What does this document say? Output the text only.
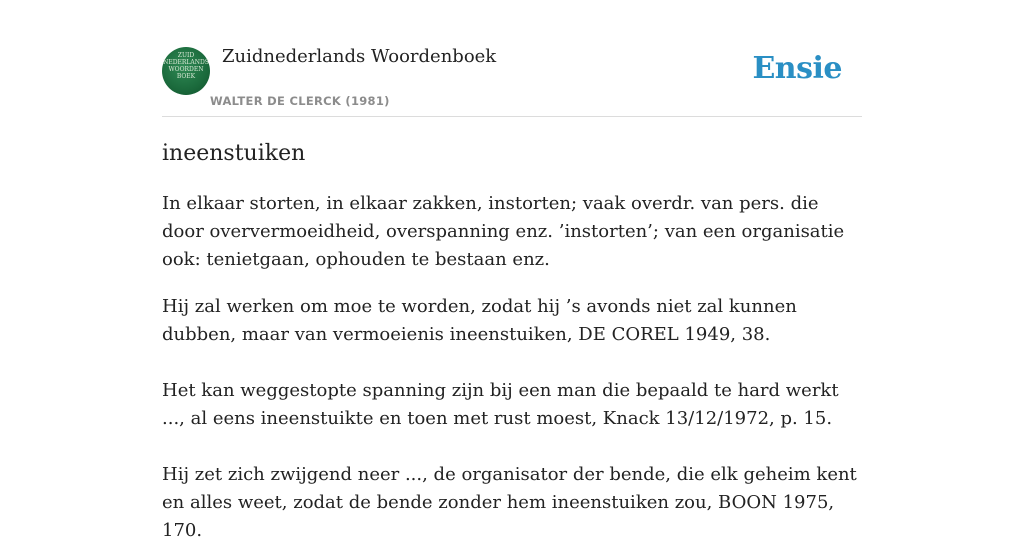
ZUID
NEDERLANDS
WOORDEN
BOEK
Zuidnederlands Woordenboek
WALTER DE CLERCK (1981)
Ensie
ineenstuiken

In elkaar storten, in elkaar zakken, instorten; vaak overdr. van pers. die door oververmoeidheid, overspanning enz. ’instorten’; van een organisatie ook: tenietgaan, ophouden te bestaan enz.

Hij zal werken om moe te worden, zodat hij ’s avonds niet zal kunnen dubben, maar van vermoeienis ineenstuiken, DE COREL 1949, 38.

Het kan weggestopte spanning zijn bij een man die bepaald te hard werkt ..., al eens ineenstuikte en toen met rust moest, Knack 13/12/1972, p. 15.

Hij zet zich zwijgend neer ..., de organisator der bende, die elk geheim kent en alles weet, zodat de bende zonder hem ineenstuiken zou, BOON 1975, 170.
